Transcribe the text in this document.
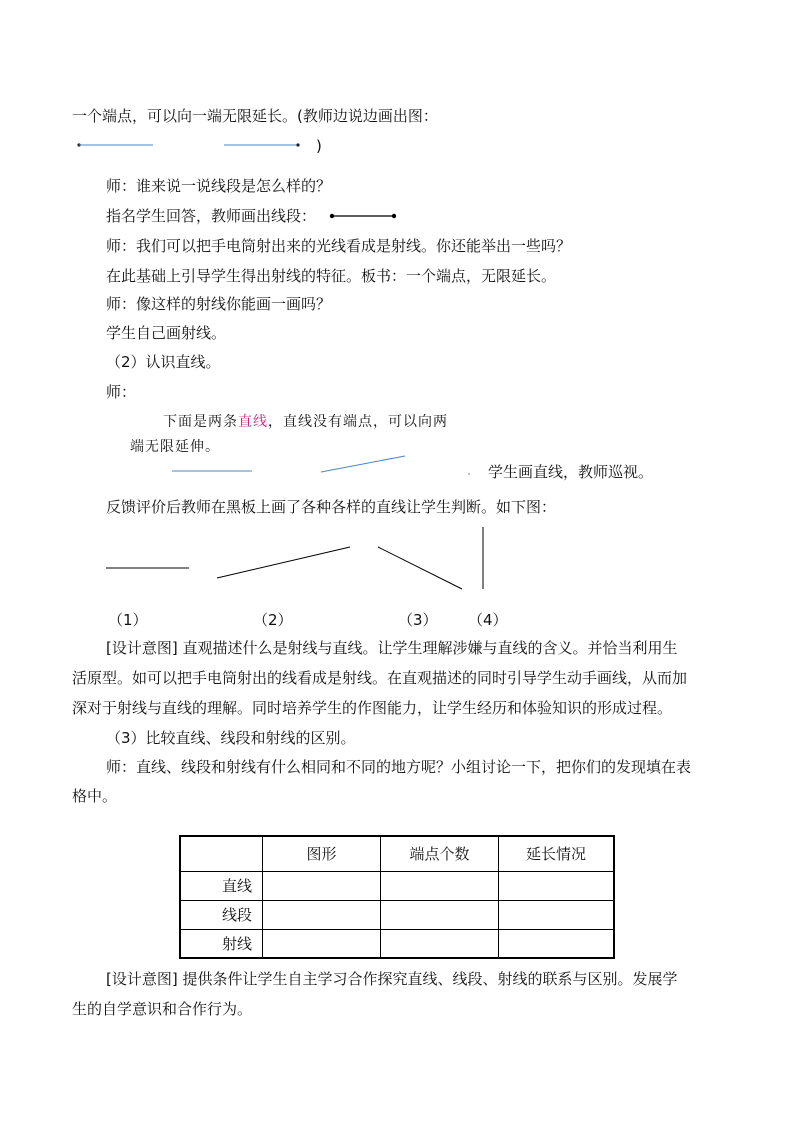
一个端点，可以向一端无限延长。(教师边说边画出图：
)
师：谁来说一说线段是怎么样的？
指名学生回答，教师画出线段：
师：我们可以把手电筒射出来的光线看成是射线。你还能举出一些吗？
在此基础上引导学生得出射线的特征。板书：一个端点，无限延长。
师：像这样的射线你能画一画吗？
学生自己画射线。
（2）认识直线。
师：
下面是两条直线，直线没有端点，可以向两
端无限延伸。
学生画直线，教师巡视。
反馈评价后教师在黑板上画了各种各样的直线让学生判断。如下图：
（1）	（2）	（3） （4）
[设计意图] 直观描述什么是射线与直线。让学生理解涉嫌与直线的含义。并恰当利用生
活原型。如可以把手电筒射出的线看成是射线。在直观描述的同时引导学生动手画线，从而加
深对于射线与直线的理解。同时培养学生的作图能力，让学生经历和体验知识的形成过程。
（3）比较直线、线段和射线的区别。
师：直线、线段和射线有什么相同和不同的地方呢？小组讨论一下，把你们的发现填在表
格中。
	图形	端点个数	延长情况
直线			
线段			
射线			
[设计意图] 提供条件让学生自主学习合作探究直线、线段、射线的联系与区别。发展学
生的自学意识和合作行为。
